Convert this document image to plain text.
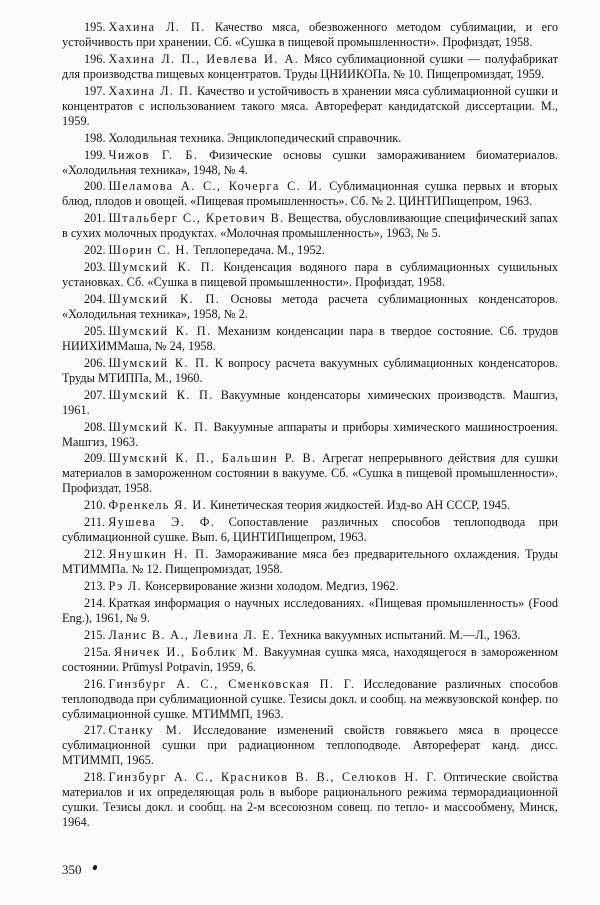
195. Хахина Л. П. Качество мяса, обезвоженного методом сублимации, и его устойчивость при хранении. Сб. «Сушка в пищевой промышленности». Профиздат, 1958.

196. Хахина Л. П., Иевлева И. А. Мясо сублимационной сушки — полуфабрикат для производства пищевых концентратов. Труды ЦНИИКОПа. № 10. Пищепромиздат, 1959.

197. Хахина Л. П. Качество и устойчивость в хранении мяса сублимационной сушки и концентратов с использованием такого мяса. Автореферат кандидатской диссертации. М., 1959.

198. Холодильная техника. Энциклопедический справочник.

199. Чижов Г. Б. Физические основы сушки замораживанием биоматериалов. «Холодильная техника», 1948, № 4.

200. Шеламова А. С., Кочерга С. И. Сублимационная сушка первых и вторых блюд, плодов и овощей. «Пищевая промышленность». Сб. № 2. ЦИНТИПищепром, 1963.

201. Штальберг С., Кретович В. Вещества, обусловливающие специфический запах в сухих молочных продуктах. «Молочная промышленность», 1963, № 5.

202. Шорин С. Н. Теплопередача. М., 1952.

203. Шумский К. П. Конденсация водяного пара в сублимационных сушильных установках. Сб. «Сушка в пищевой промышленности». Профиздат, 1958.

204. Шумский К. П. Основы метода расчета сублимационных конденсаторов. «Холодильная техника», 1958, № 2.

205. Шумский К. П. Механизм конденсации пара в твердое состояние. Сб. трудов НИИХИММаша, № 24, 1958.

206. Шумский К. П. К вопросу расчета вакуумных сублимационных конденсаторов. Труды МТИППа, М., 1960.

207. Шумский К. П. Вакуумные конденсаторы химических производств. Машгиз, 1961.

208. Шумский К. П. Вакуумные аппараты и приборы химического машиностроения. Машгиз, 1963.

209. Шумский К. П., Бальшин Р. В. Агрегат непрерывного действия для сушки материалов в замороженном состоянии в вакууме. Сб. «Сушка в пищевой промышленности». Профиздат, 1958.

210. Френкель Я. И. Кинетическая теория жидкостей. Изд-во АН СССР, 1945.

211. Яушева Э. Ф. Сопоставление различных способов теплоподвода при сублимационной сушке. Вып. 6, ЦИНТИПищепром, 1963.

212. Янушкин Н. П. Замораживание мяса без предварительного охлаждения. Труды МТИММПа. № 12. Пищепромиздат, 1958.

213. Рэ Л. Консервирование жизни холодом. Медгиз, 1962.

214. Краткая информация о научных исследованиях. «Пищевая промышленность» (Food Eng.), 1961, № 9.

215. Ланис В. А., Левина Л. Е. Техника вакуумных испытаний. М.—Л., 1963.

215а. Яничек И., Боблик М. Вакуумная сушка мяса, находящегося в замороженном состоянии. Prümysl Potpavin, 1959, 6.

216. Гинзбург А. С., Сменковская П. Г. Исследование различных способов теплоподвода при сублимационной сушке. Тезисы докл. и сообщ. на межвузовской конфер. по сублимационной сушке. МТИММП, 1963.

217. Станку М. Исследование изменений свойств говяжьего мяса в процессе сублимационной сушки при радиационном теплоподводе. Автореферат канд. дисс. МТИММП, 1965.

218. Гинзбург А. С., Красников В. В., Селюков Н. Г. Оптические свойства материалов и их определяющая роль в выборе рационального режима терморадиационной сушки. Тезисы докл. и сообщ. на 2-м всесоюзном совещ. по тепло- и массообмену, Минск, 1964.

350
